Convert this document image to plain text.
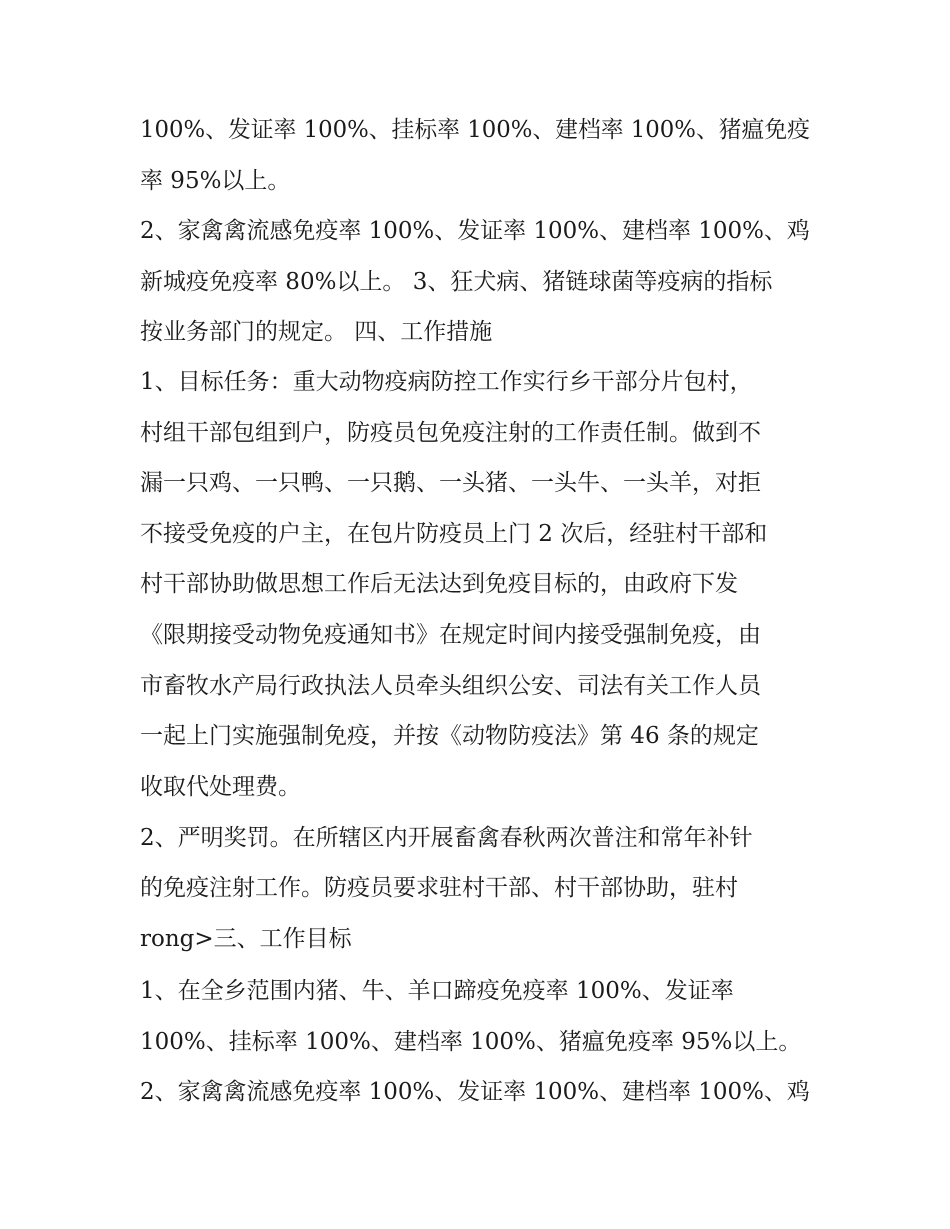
100%、发证率 100%、挂标率 100%、建档率 100%、猪瘟免疫
率 95%以上。
2、家禽禽流感免疫率 100%、发证率 100%、建档率 100%、鸡
新城疫免疫率 80%以上。 3、狂犬病、猪链球菌等疫病的指标
按业务部门的规定。 四、工作措施
1、目标任务：重大动物疫病防控工作实行乡干部分片包村，
村组干部包组到户，防疫员包免疫注射的工作责任制。做到不
漏一只鸡、一只鸭、一只鹅、一头猪、一头牛、一头羊，对拒
不接受免疫的户主，在包片防疫员上门 2 次后，经驻村干部和
村干部协助做思想工作后无法达到免疫目标的，由政府下发
《限期接受动物免疫通知书》在规定时间内接受强制免疫，由
市畜牧水产局行政执法人员牵头组织公安、司法有关工作人员
一起上门实施强制免疫，并按《动物防疫法》第 46 条的规定
收取代处理费。
2、严明奖罚。在所辖区内开展畜禽春秋两次普注和常年补针
的免疫注射工作。防疫员要求驻村干部、村干部协助，驻村
rong>三、工作目标
1、在全乡范围内猪、牛、羊口蹄疫免疫率 100%、发证率
100%、挂标率 100%、建档率 100%、猪瘟免疫率 95%以上。
2、家禽禽流感免疫率 100%、发证率 100%、建档率 100%、鸡
